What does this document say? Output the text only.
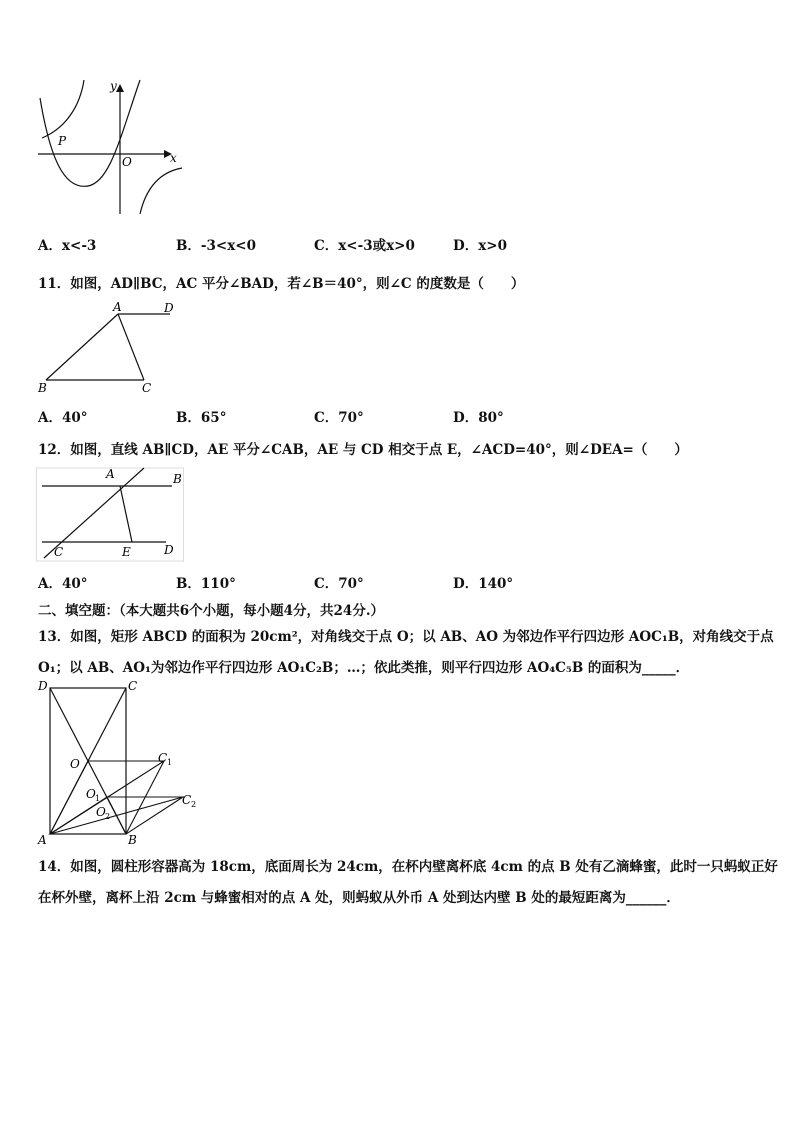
y
x
P
O
A．x<-3	B．-3<x<0	C．x<-3或x>0	D．x>0
11．如图，AD∥BC，AC 平分∠BAD，若∠B＝40°，则∠C 的度数是（　　）
A	D
B	C
A．40°	B．65°	C．70°	D．80°
12．如图，直线 AB∥CD，AE 平分∠CAB，AE 与 CD 相交于点 E，∠ACD=40°，则∠DEA=（　　）
A	B
C	E	D
A．40°	B．110°	C．70°	D．140°
二、填空题：（本大题共6个小题，每小题4分，共24分.）
13．如图，矩形 ABCD 的面积为 20cm²，对角线交于点 O；以 AB、AO 为邻边作平行四边形 AOC₁B，对角线交于点
O₁；以 AB、AO₁为邻边作平行四边形 AO₁C₂B；…；依此类推，则平行四边形 AO₄C₅B 的面积为_____．
D	C
O	C 1
O 1	C 2
O 2
A	B
14．如图，圆柱形容器高为 18cm，底面周长为 24cm，在杯内壁离杯底 4cm 的点 B 处有乙滴蜂蜜，此时一只蚂蚁正好
在杯外壁，离杯上沿 2cm 与蜂蜜相对的点 A 处，则蚂蚁从外币 A 处到达内壁 B 处的最短距离为______．
